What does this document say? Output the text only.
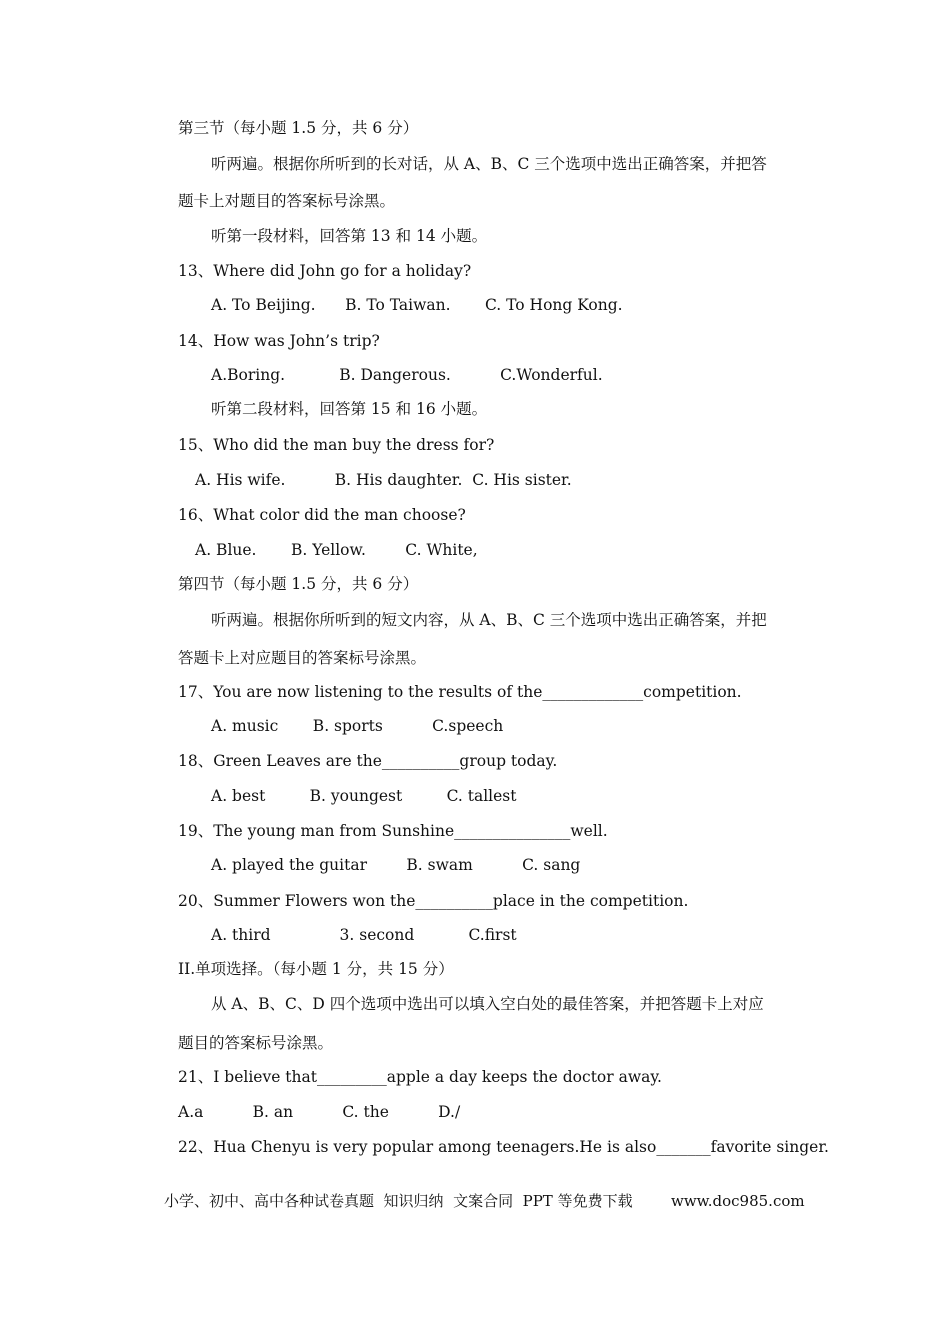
第三节（每小题 1.5 分，共 6 分）
听两遍。根据你所听到的长对话，从 A、B、C 三个选项中选出正确答案，并把答
题卡上对题目的答案标号涂黑。
听第一段材料，回答第 13 和 14 小题。
13、Where did John go for a holiday?
A. To Beijing.      B. To Taiwan.       C. To Hong Kong.
14、How was John’s trip?
A.Boring.           B. Dangerous.          C.Wonderful.
听第二段材料，回答第 15 和 16 小题。
15、Who did the man buy the dress for?
A. His wife.          B. His daughter.  C. His sister.
16、What color did the man choose?
A. Blue.       B. Yellow.        C. White,
第四节（每小题 1.5 分，共 6 分）
听两遍。根据你所听到的短文内容，从 A、B、C 三个选项中选出正确答案，并把
答题卡上对应题目的答案标号涂黑。
17、You are now listening to the results of the_____________competition.
A. music       B. sports          C.speech
18、Green Leaves are the__________group today.
A. best         B. youngest         C. tallest
19、The young man from Sunshine_______________well.
A. played the guitar        B. swam          C. sang
20、Summer Flowers won the__________place in the competition.
A. third              3. second           C.first
II.单项选择。（每小题 1 分，共 15 分）
从 A、B、C、D 四个选项中选出可以填入空白处的最佳答案，并把答题卡上对应
题目的答案标号涂黑。
21、I believe that_________apple a day keeps the doctor away.
A.a          B. an          C. the          D./
22、Hua Chenyu is very popular among teenagers.He is also_______favorite singer.
小学、初中、高中各种试卷真题  知识归纳  文案合同  PPT 等免费下载	www.doc985.com
